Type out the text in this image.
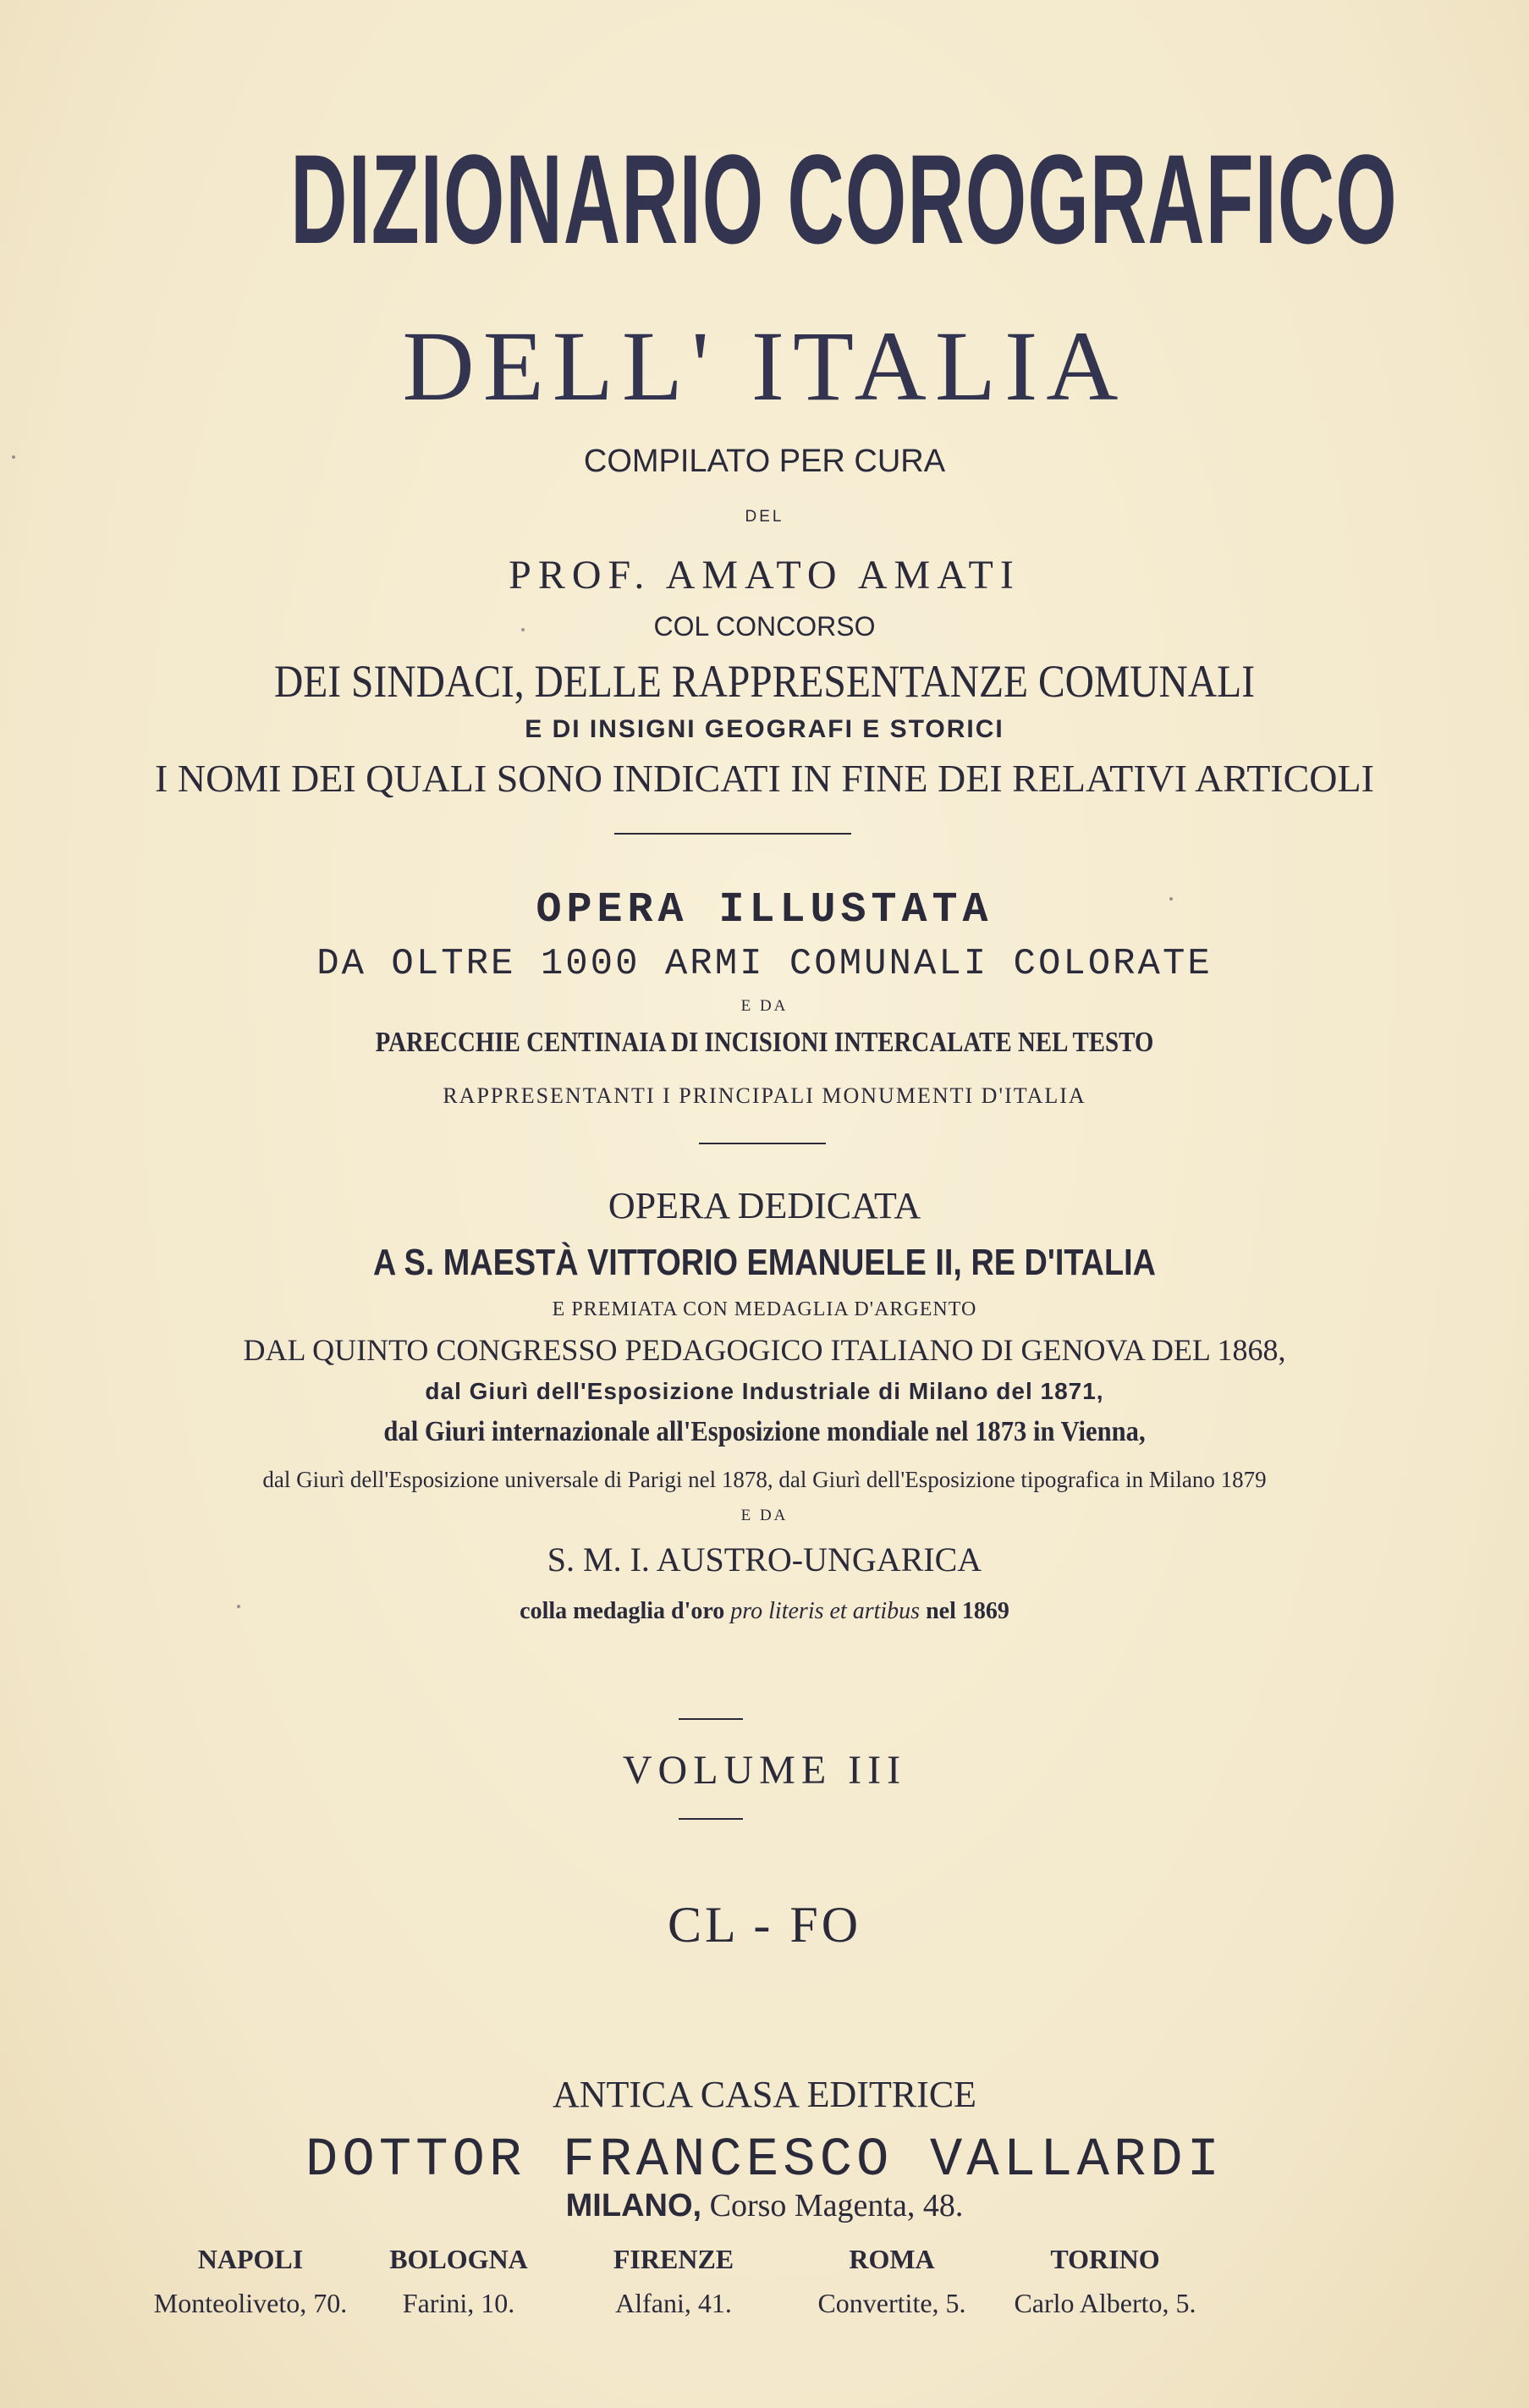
DIZIONARIO COROGRAFICO

DELL' ITALIA

COMPILATO PER CURA

DEL

PROF. AMATO AMATI

COL CONCORSO

DEI SINDACI, DELLE RAPPRESENTANZE COMUNALI

E DI INSIGNI GEOGRAFI E STORICI

I NOMI DEI QUALI SONO INDICATI IN FINE DEI RELATIVI ARTICOLI

OPERA ILLUSTATA

DA OLTRE 1000 ARMI COMUNALI COLORATE

E DA

PARECCHIE CENTINAIA DI INCISIONI INTERCALATE NEL TESTO

RAPPRESENTANTI I PRINCIPALI MONUMENTI D'ITALIA

OPERA DEDICATA

A S. MAESTÀ VITTORIO EMANUELE II, RE D'ITALIA

E PREMIATA CON MEDAGLIA D'ARGENTO

DAL QUINTO CONGRESSO PEDAGOGICO ITALIANO DI GENOVA DEL 1868,

dal Giurì dell'Esposizione Industriale di Milano del 1871,

dal Giuri internazionale all'Esposizione mondiale nel 1873 in Vienna,

dal Giurì dell'Esposizione universale di Parigi nel 1878, dal Giurì dell'Esposizione tipografica in Milano 1879

E DA

S. M. I. AUSTRO-UNGARICA

colla medaglia d'oro pro literis et artibus nel 1869

VOLUME III

CL - FO

ANTICA CASA EDITRICE

DOTTOR FRANCESCO VALLARDI

MILANO, Corso Magenta, 48.

NAPOLI
Monteoliveto, 70.
BOLOGNA
Farini, 10.
FIRENZE
Alfani, 41.
ROMA
Convertite, 5.
TORINO
Carlo Alberto, 5.
